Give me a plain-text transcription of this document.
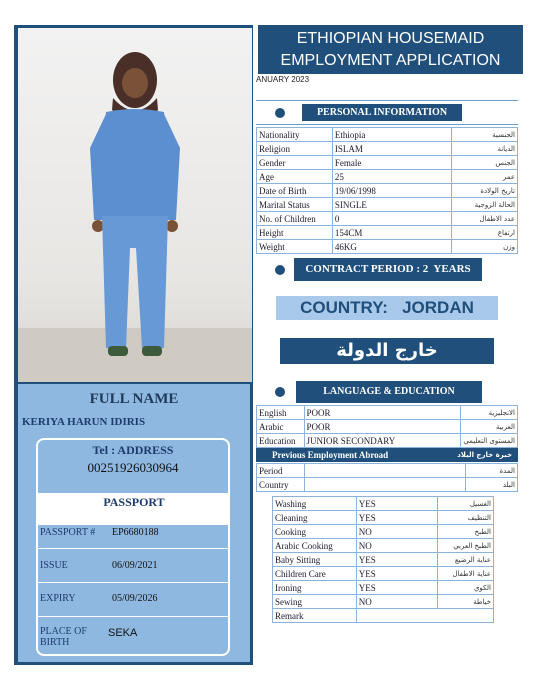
FULL NAME
KERIYA HARUN IDIRIS
Tel : ADDRESS
00251926030964
PASSPORT
PASSPORT # EP6680188
ISSUE	06/09/2021
EXPIRY	05/09/2026
PLACE OF
BIRTH
SEKA
ETHIOPIAN HOUSEMAID
EMPLOYMENT APPLICATION
ANUARY 2023
PERSONAL INFORMATION
Nationality	Ethiopia	الجنسية
Religion	ISLAM	الديانة
Gender	Female	الجنس
Age	25	عمر
Date of Birth	19/06/1998	تاريخ الولادة
Marital Status	SINGLE	الحالة الزوجية
No. of Children	0	عدد الاطفال
Height	154CM	ارتفاع
Weight	46KG	وزن
CONTRACT PERIOD : 2  YEARS
COUNTRY:   JORDAN
خارج الدولة
LANGUAGE & EDUCATION
English	POOR	الانجليزية
Arabic	POOR	العربية
Education	JUNIOR SECONDARY	المستوى التعليمي
Previous Employment Abroad	خبرة خارج البلاد
Period		المدة
Country		البلد
Washing	YES	الغسيل
Cleaning	YES	التنظيف
Cooking	NO	الطبخ
Arabic Cooking	NO	الطبخ العربي
Baby Sitting	YES	عناية الرضيع
Children Care	YES	عناية الاطفال
Ironing	YES	الكوي
Sewing	NO	خياطة
Remark		
